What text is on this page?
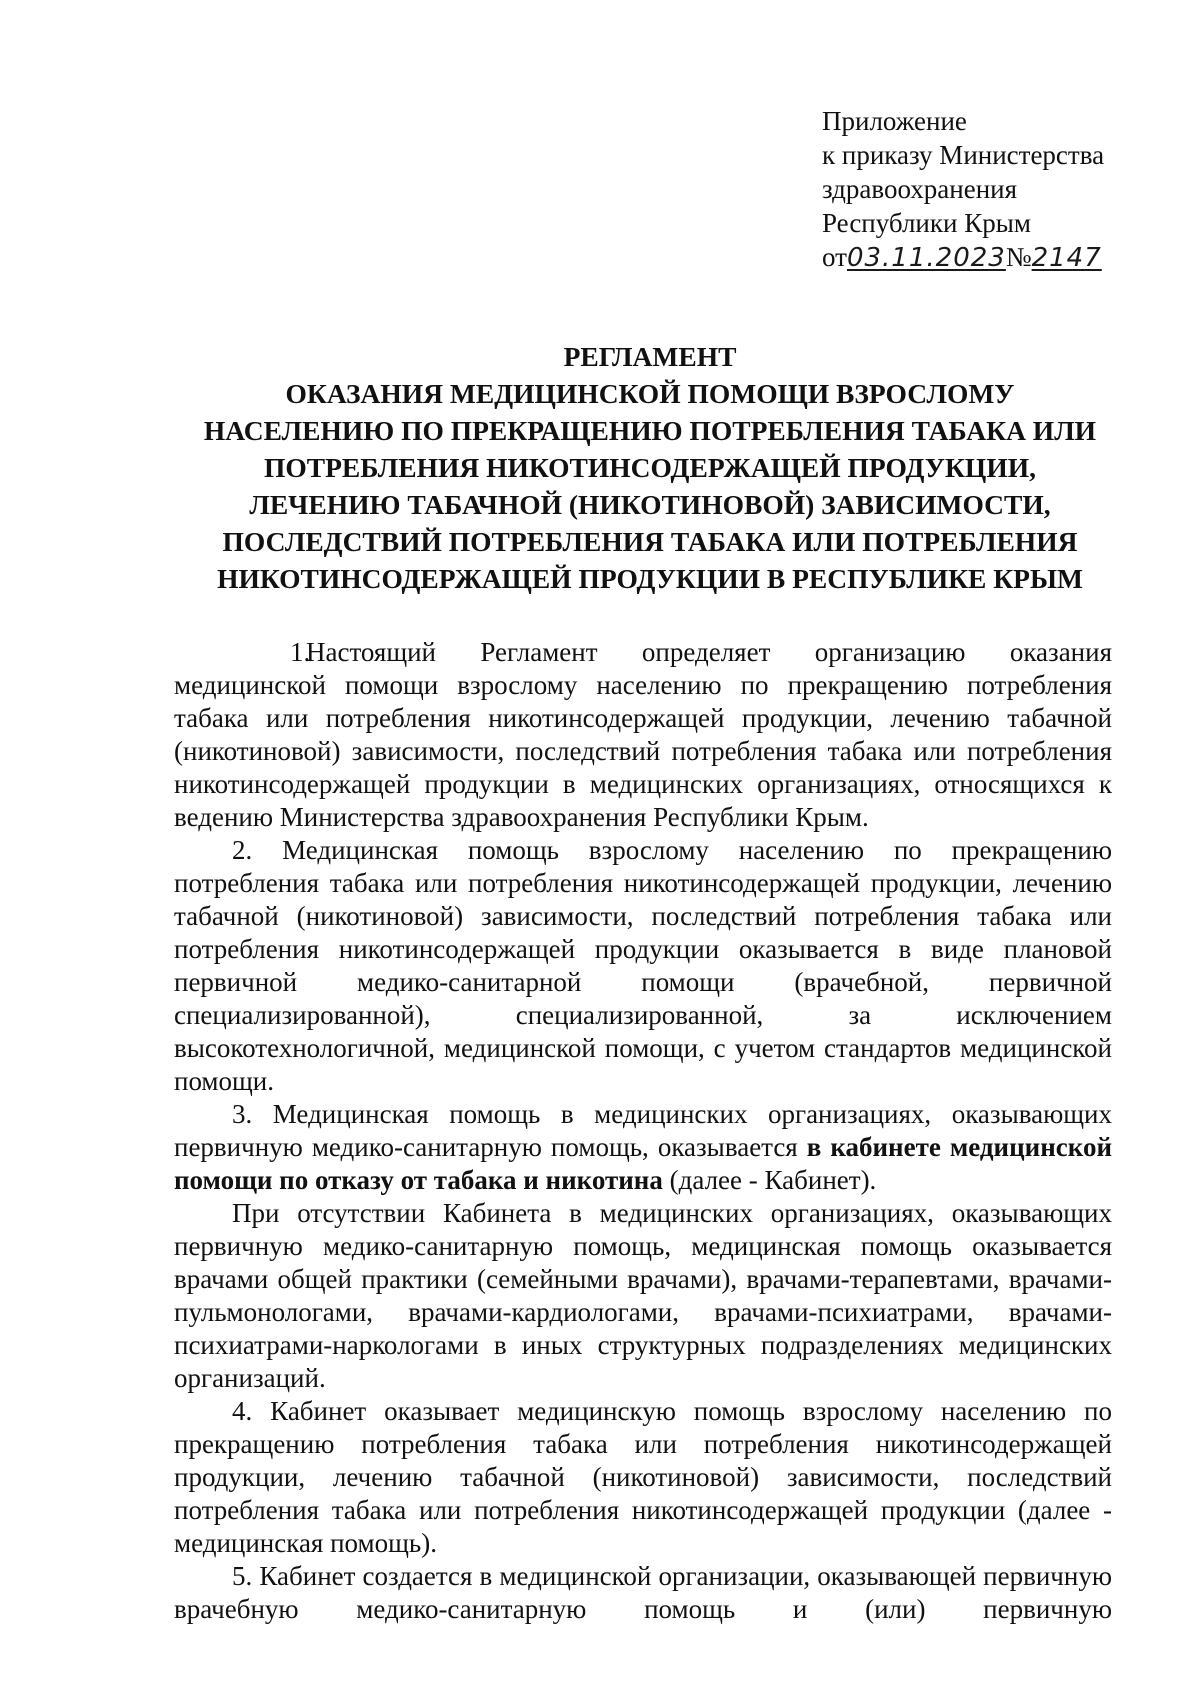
Приложение
к приказу Министерства
здравоохранения
Республики Крым
от03.11.2023№2147
РЕГЛАМЕНТ
ОКАЗАНИЯ МЕДИЦИНСКОЙ ПОМОЩИ ВЗРОСЛОМУ
НАСЕЛЕНИЮ ПО ПРЕКРАЩЕНИЮ ПОТРЕБЛЕНИЯ ТАБАКА ИЛИ
ПОТРЕБЛЕНИЯ НИКОТИНСОДЕРЖАЩЕЙ ПРОДУКЦИИ,
ЛЕЧЕНИЮ ТАБАЧНОЙ (НИКОТИНОВОЙ) ЗАВИСИМОСТИ,
ПОСЛЕДСТВИЙ ПОТРЕБЛЕНИЯ ТАБАКА ИЛИ ПОТРЕБЛЕНИЯ
НИКОТИНСОДЕРЖАЩЕЙ ПРОДУКЦИИ В РЕСПУБЛИКЕ КРЫМ

1.Настоящий Регламент определяет организацию оказания медицинской помощи взрослому населению по прекращению потребления табака или потребления никотинсодержащей продукции, лечению табачной (никотиновой) зависимости, последствий потребления табака или потребления никотинсодержащей продукции в медицинских организациях, относящихся к ведению Министерства здравоохранения Республики Крым.

2. Медицинская помощь взрослому населению по прекращению потребления табака или потребления никотинсодержащей продукции, лечению табачной (никотиновой) зависимости, последствий потребления табака или потребления никотинсодержащей продукции оказывается в виде плановой первичной медико-санитарной помощи (врачебной, первичной специализированной), специализированной, за исключением высокотехнологичной, медицинской помощи, с учетом стандартов медицинской помощи.

3. Медицинская помощь в медицинских организациях, оказывающих первичную медико-санитарную помощь, оказывается в кабинете медицинской помощи по отказу от табака и никотина (далее - Кабинет).

При отсутствии Кабинета в медицинских организациях, оказывающих первичную медико-санитарную помощь, медицинская помощь оказывается врачами общей практики (семейными врачами), врачами-терапевтами, врачами-пульмонологами, врачами-кардиологами, врачами-психиатрами, врачами-психиатрами-наркологами в иных структурных подразделениях медицинских организаций.

4. Кабинет оказывает медицинскую помощь взрослому населению по прекращению потребления табака или потребления никотинсодержащей продукции, лечению табачной (никотиновой) зависимости, последствий потребления табака или потребления никотинсодержащей продукции (далее - медицинская помощь).

5. Кабинет создается в медицинской организации, оказывающей первичную врачебную медико-санитарную помощь и (или) первичную
